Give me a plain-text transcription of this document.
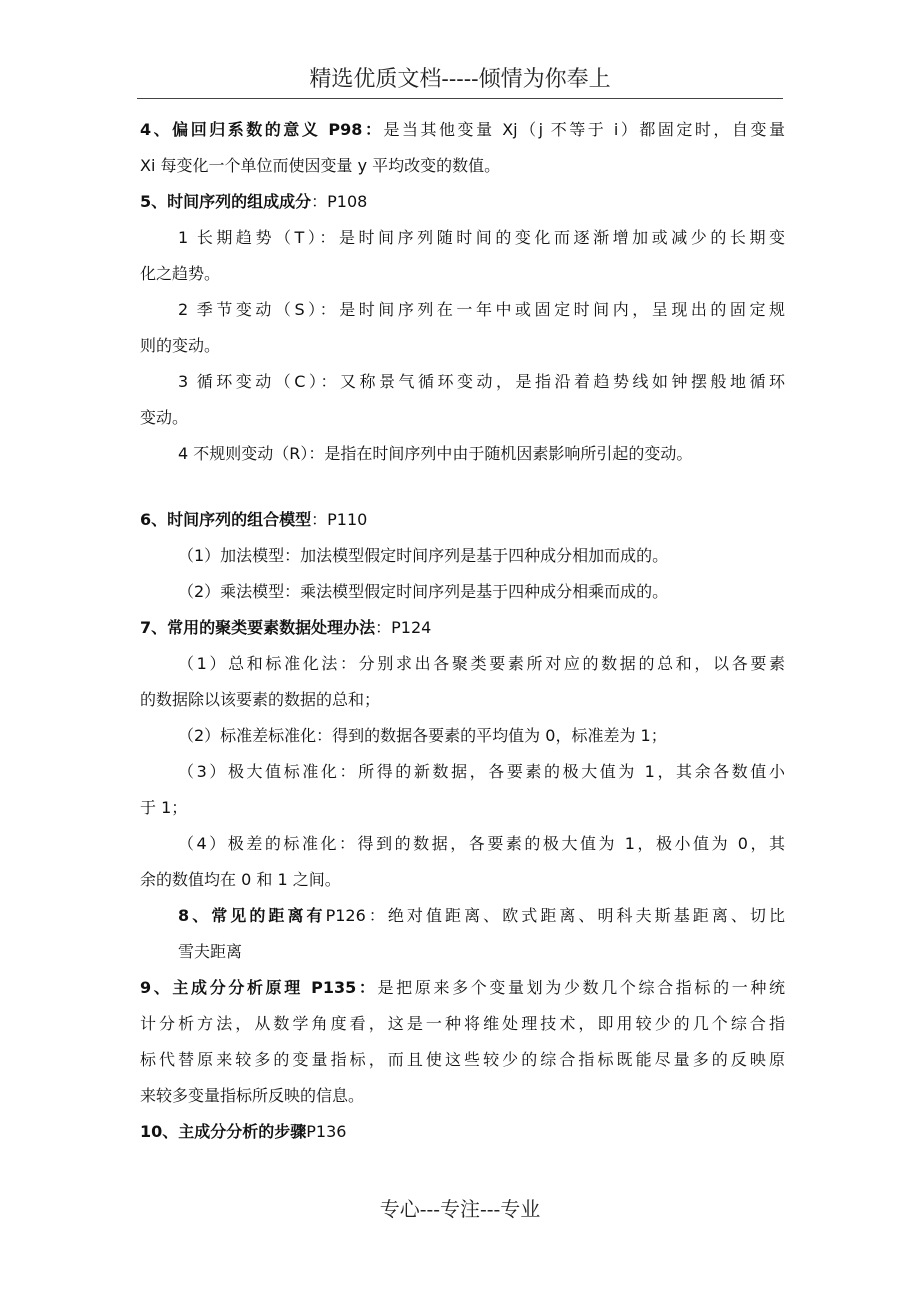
精选优质文档-----倾情为你奉上
4、偏回归系数的意义 P98：是当其他变量 Xj（j 不等于 i）都固定时，自变量
Xi 每变化一个单位而使因变量 y 平均改变的数值。
5、时间序列的组成成分：P108
1 长期趋势（T）：是时间序列随时间的变化而逐渐增加或减少的长期变
化之趋势。
2 季节变动（S）：是时间序列在一年中或固定时间内，呈现出的固定规
则的变动。
3 循环变动（C）：又称景气循环变动，是指沿着趋势线如钟摆般地循环
变动。
4 不规则变动（R）：是指在时间序列中由于随机因素影响所引起的变动。
6、时间序列的组合模型：P110
（1）加法模型：加法模型假定时间序列是基于四种成分相加而成的。
（2）乘法模型：乘法模型假定时间序列是基于四种成分相乘而成的。
7、常用的聚类要素数据处理办法：P124
（1）总和标准化法：分别求出各聚类要素所对应的数据的总和，以各要素
的数据除以该要素的数据的总和；
（2）标准差标准化：得到的数据各要素的平均值为 0，标准差为 1；
（3）极大值标准化：所得的新数据，各要素的极大值为 1，其余各数值小
于 1；
（4）极差的标准化：得到的数据，各要素的极大值为 1，极小值为 0，其
余的数值均在 0 和 1 之间。
8、常见的距离有P126：绝对值距离、欧式距离、明科夫斯基距离、切比
雪夫距离
9、主成分分析原理 P135：是把原来多个变量划为少数几个综合指标的一种统
计分析方法，从数学角度看，这是一种将维处理技术，即用较少的几个综合指
标代替原来较多的变量指标，而且使这些较少的综合指标既能尽量多的反映原
来较多变量指标所反映的信息。
10、主成分分析的步骤P136
专心---专注---专业
